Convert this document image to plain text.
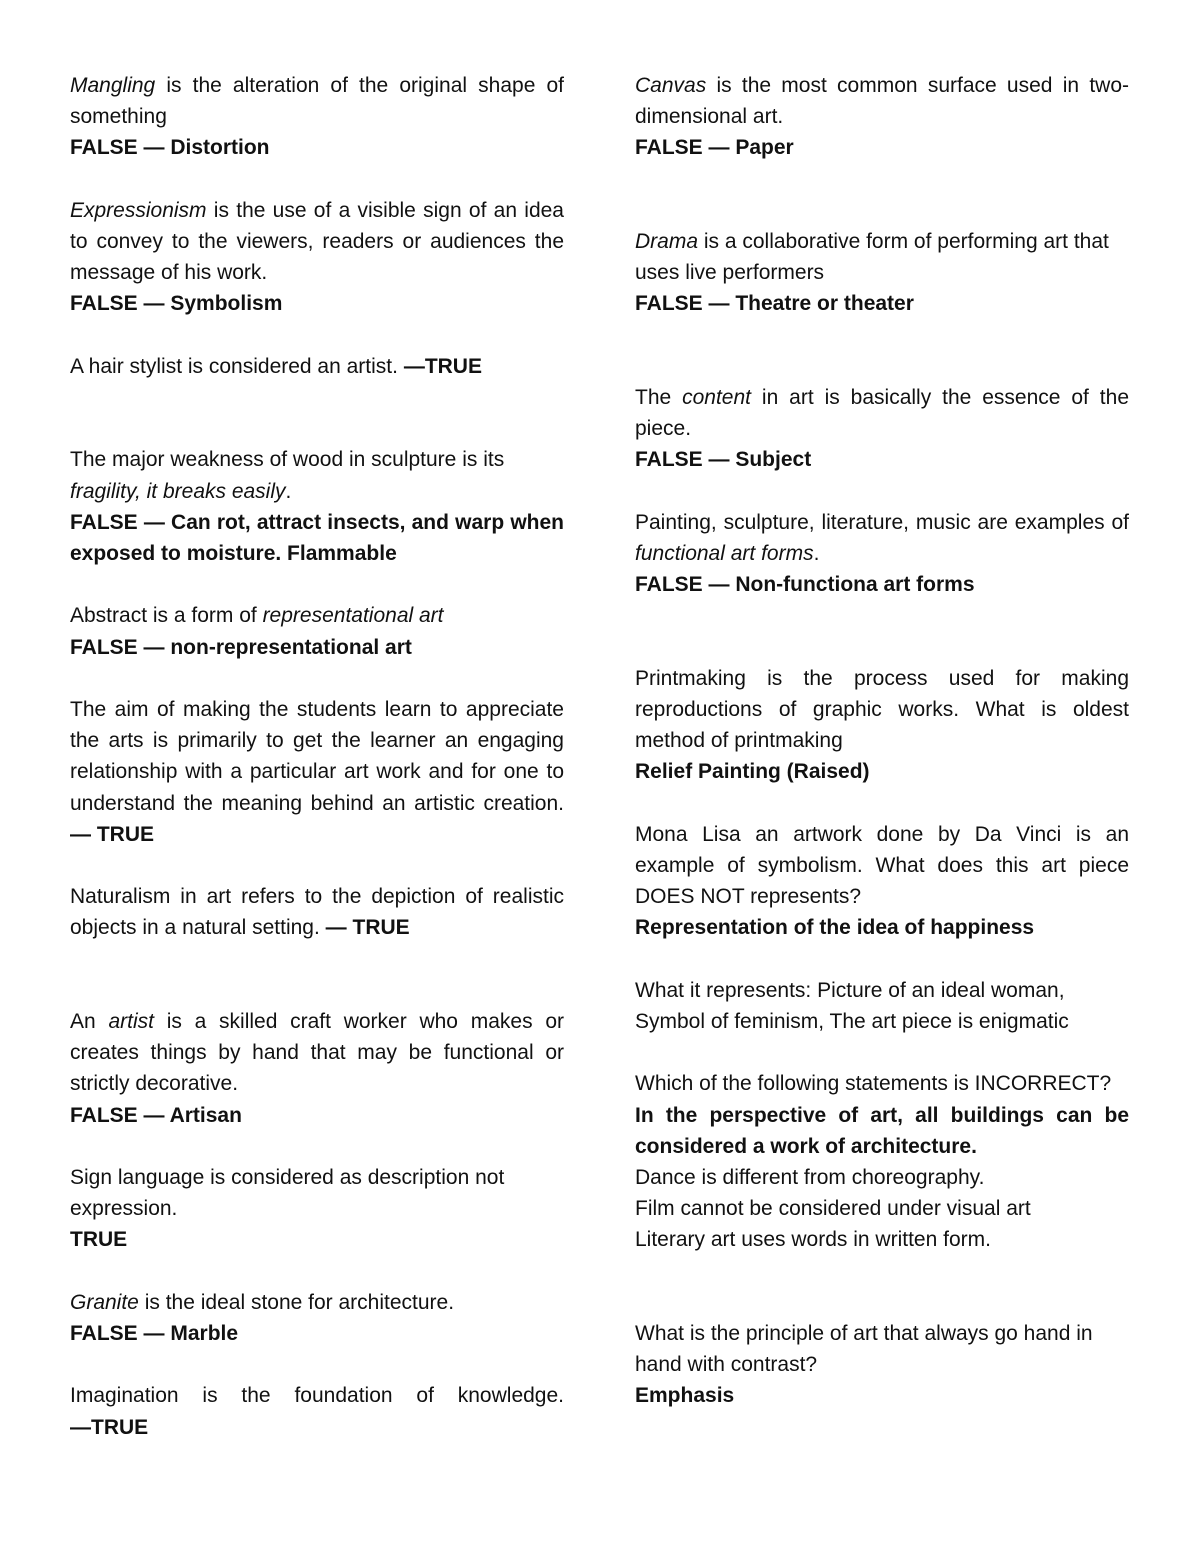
Mangling is the alteration of the original shape of something
FALSE — Distortion
Expressionism is the use of a visible sign of an idea to convey to the viewers, readers or audiences the message of his work.
FALSE — Symbolism
A hair stylist is considered an artist. —TRUE
The major weakness of wood in sculpture is its fragility, it breaks easily.
FALSE — Can rot, attract insects, and warp when exposed to moisture. Flammable
Abstract is a form of representational art
FALSE — non-representational art
The aim of making the students learn to appreciate the arts is primarily to get the learner an engaging relationship with a particular art work and for one to understand the meaning behind an artistic creation. — TRUE
Naturalism in art refers to the depiction of realistic objects in a natural setting. — TRUE
An artist is a skilled craft worker who makes or creates things by hand that may be functional or strictly decorative.
FALSE — Artisan
Sign language is considered as description not expression.
TRUE
Granite is the ideal stone for architecture.
FALSE — Marble
Imagination is the foundation of knowledge.
—TRUE
Canvas is the most common surface used in two-dimensional art.
FALSE — Paper
Drama is a collaborative form of performing art that uses live performers
FALSE — Theatre or theater
The content in art is basically the essence of the piece.
FALSE — Subject
Painting, sculpture, literature, music are examples of functional art forms.
FALSE — Non-functiona art forms
Printmaking is the process used for making reproductions of graphic works. What is oldest method of printmaking
Relief Painting (Raised)
Mona Lisa an artwork done by Da Vinci is an example of symbolism. What does this art piece DOES NOT represents?
Representation of the idea of happiness
What it represents: Picture of an ideal woman, Symbol of feminism, The art piece is enigmatic
Which of the following statements is INCORRECT?
In the perspective of art, all buildings can be considered a work of architecture.
Dance is different from choreography.
Film cannot be considered under visual art
Literary art uses words in written form.
What is the principle of art that always go hand in hand with contrast?
Emphasis
